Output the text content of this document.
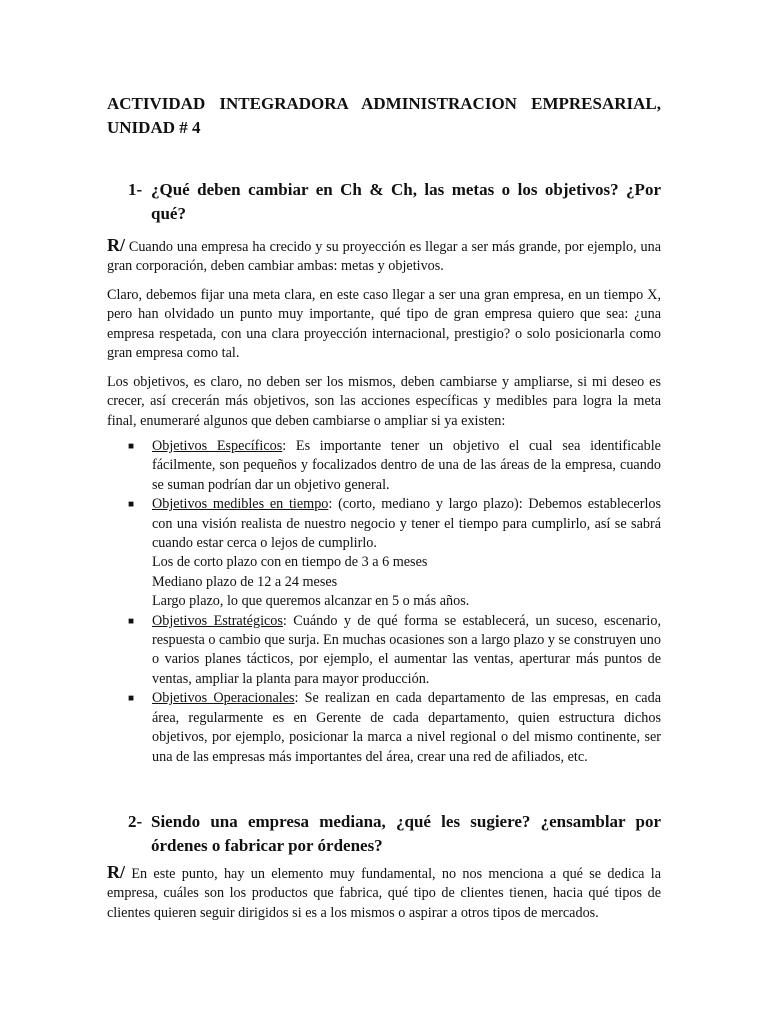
ACTIVIDAD INTEGRADORA ADMINISTRACION EMPRESARIAL, UNIDAD # 4
1- ¿Qué deben cambiar en Ch & Ch, las metas o los objetivos? ¿Por qué?

R/ Cuando una empresa ha crecido y su proyección es llegar a ser más grande, por ejemplo, una gran corporación, deben cambiar ambas: metas y objetivos.

Claro, debemos fijar una meta clara, en este caso llegar a ser una gran empresa, en un tiempo X, pero han olvidado un punto muy importante, qué tipo de gran empresa quiero que sea: ¿una empresa respetada, con una clara proyección internacional, prestigio? o solo posicionarla como gran empresa como tal.

Los objetivos, es claro, no deben ser los mismos, deben cambiarse y ampliarse, si mi deseo es crecer, así crecerán más objetivos, son las acciones específicas y medibles para logra la meta final, enumeraré algunos que deben cambiarse o ampliar si ya existen:

■ Objetivos Específicos: Es importante tener un objetivo el cual sea identificable fácilmente, son pequeños y focalizados dentro de una de las áreas de la empresa, cuando se suman podrían dar un objetivo general.
■ Objetivos medibles en tiempo: (corto, mediano y largo plazo): Debemos establecerlos con una visión realista de nuestro negocio y tener el tiempo para cumplirlo, así se sabrá cuando estar cerca o lejos de cumplirlo.
Los de corto plazo con en tiempo de 3 a 6 meses
Mediano plazo de 12 a 24 meses
Largo plazo, lo que queremos alcanzar en 5 o más años.
■ Objetivos Estratégicos: Cuándo y de qué forma se establecerá, un suceso, escenario, respuesta o cambio que surja. En muchas ocasiones son a largo plazo y se construyen uno o varios planes tácticos, por ejemplo, el aumentar las ventas, aperturar más puntos de ventas, ampliar la planta para mayor producción.
■ Objetivos Operacionales: Se realizan en cada departamento de las empresas, en cada área, regularmente es en Gerente de cada departamento, quien estructura dichos objetivos, por ejemplo, posicionar la marca a nivel regional o del mismo continente, ser una de las empresas más importantes del área, crear una red de afiliados, etc.
2- Siendo una empresa mediana, ¿qué les sugiere? ¿ensamblar por órdenes o fabricar por órdenes?

R/ En este punto, hay un elemento muy fundamental, no nos menciona a qué se dedica la empresa, cuáles son los productos que fabrica, qué tipo de clientes tienen, hacia qué tipos de clientes quieren seguir dirigidos si es a los mismos o aspirar a otros tipos de mercados.
